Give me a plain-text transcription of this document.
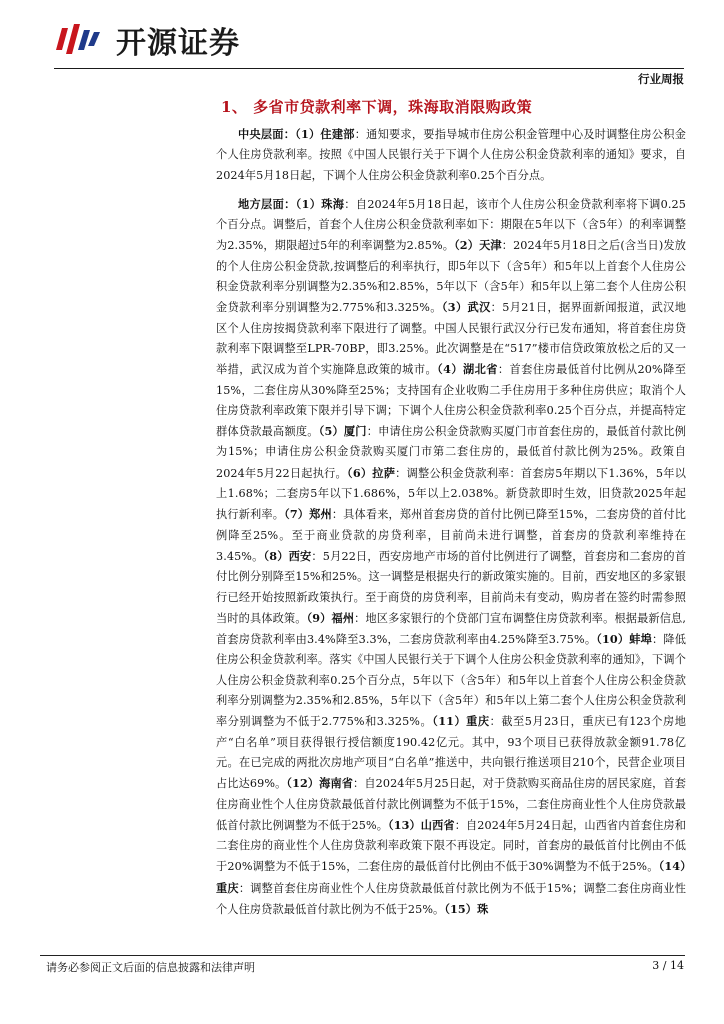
开源证券
行业周报
1、 多省市贷款利率下调，珠海取消限购政策

中央层面：（1）住建部：通知要求，要指导城市住房公积金管理中心及时调整住房公积金个人住房贷款利率。按照《中国人民银行关于下调个人住房公积金贷款利率的通知》要求，自2024年5月18日起，下调个人住房公积金贷款利率0.25个百分点。

地方层面：（1）珠海：自2024年5月18日起，该市个人住房公积金贷款利率将下调0.25个百分点。调整后，首套个人住房公积金贷款利率如下：期限在5年以下（含5年）的利率调整为2.35%，期限超过5年的利率调整为2.85%。（2）天津：2024年5月18日之后(含当日)发放的个人住房公积金贷款,按调整后的利率执行，即5年以下（含5年）和5年以上首套个人住房公积金贷款利率分别调整为2.35%和2.85%，5年以下（含5年）和5年以上第二套个人住房公积金贷款利率分别调整为2.775%和3.325%。（3）武汉：5月21日，据界面新闻报道，武汉地区个人住房按揭贷款利率下限进行了调整。中国人民银行武汉分行已发布通知，将首套住房贷款利率下限调整至LPR-70BP，即3.25%。此次调整是在“517”楼市信贷政策放松之后的又一举措，武汉成为首个实施降息政策的城市。（4）湖北省：首套住房最低首付比例从20%降至15%，二套住房从30%降至25%；支持国有企业收购二手住房用于多种住房供应；取消个人住房贷款利率政策下限并引导下调；下调个人住房公积金贷款利率0.25个百分点，并提高特定群体贷款最高额度。（5）厦门：申请住房公积金贷款购买厦门市首套住房的，最低首付款比例为15%；申请住房公积金贷款购买厦门市第二套住房的，最低首付款比例为25%。政策自2024年5月22日起执行。（6）拉萨：调整公积金贷款利率：首套房5年期以下1.36%，5年以上1.68%；二套房5年以下1.686%，5年以上2.038%。新贷款即时生效，旧贷款2025年起执行新利率。（7）郑州：具体看来，郑州首套房贷的首付比例已降至15%，二套房贷的首付比例降至25%。至于商业贷款的房贷利率，目前尚未进行调整，首套房的贷款利率维持在3.45%。（8）西安：5月22日，西安房地产市场的首付比例进行了调整，首套房和二套房的首付比例分别降至15%和25%。这一调整是根据央行的新政策实施的。目前，西安地区的多家银行已经开始按照新政策执行。至于商贷的房贷利率，目前尚未有变动，购房者在签约时需参照当时的具体政策。（9）福州：地区多家银行的个贷部门宣布调整住房贷款利率。根据最新信息,首套房贷款利率由3.4%降至3.3%，二套房贷款利率由4.25%降至3.75%。（10）蚌埠：降低住房公积金贷款利率。落实《中国人民银行关于下调个人住房公积金贷款利率的通知》，下调个人住房公积金贷款利率0.25个百分点，5年以下（含5年）和5年以上首套个人住房公积金贷款利率分别调整为2.35%和2.85%，5年以下（含5年）和5年以上第二套个人住房公积金贷款利率分别调整为不低于2.775%和3.325%。（11）重庆：截至5月23日，重庆已有123个房地产“白名单”项目获得银行授信额度190.42亿元。其中，93个项目已获得放款金额91.78亿元。在已完成的两批次房地产项目“白名单”推送中，共向银行推送项目210个，民营企业项目占比达69%。（12）海南省：自2024年5月25日起，对于贷款购买商品住房的居民家庭，首套住房商业性个人住房贷款最低首付款比例调整为不低于15%，二套住房商业性个人住房贷款最低首付款比例调整为不低于25%。（13）山西省：自2024年5月24日起，山西省内首套住房和二套住房的商业性个人住房贷款利率政策下限不再设定。同时，首套房的最低首付比例由不低于20%调整为不低于15%，二套住房的最低首付比例由不低于30%调整为不低于25%。（14）重庆：调整首套住房商业性个人住房贷款最低首付款比例为不低于15%；调整二套住房商业性个人住房贷款最低首付款比例为不低于25%。（15）珠

请务必参阅正文后面的信息披露和法律声明	3 / 14
